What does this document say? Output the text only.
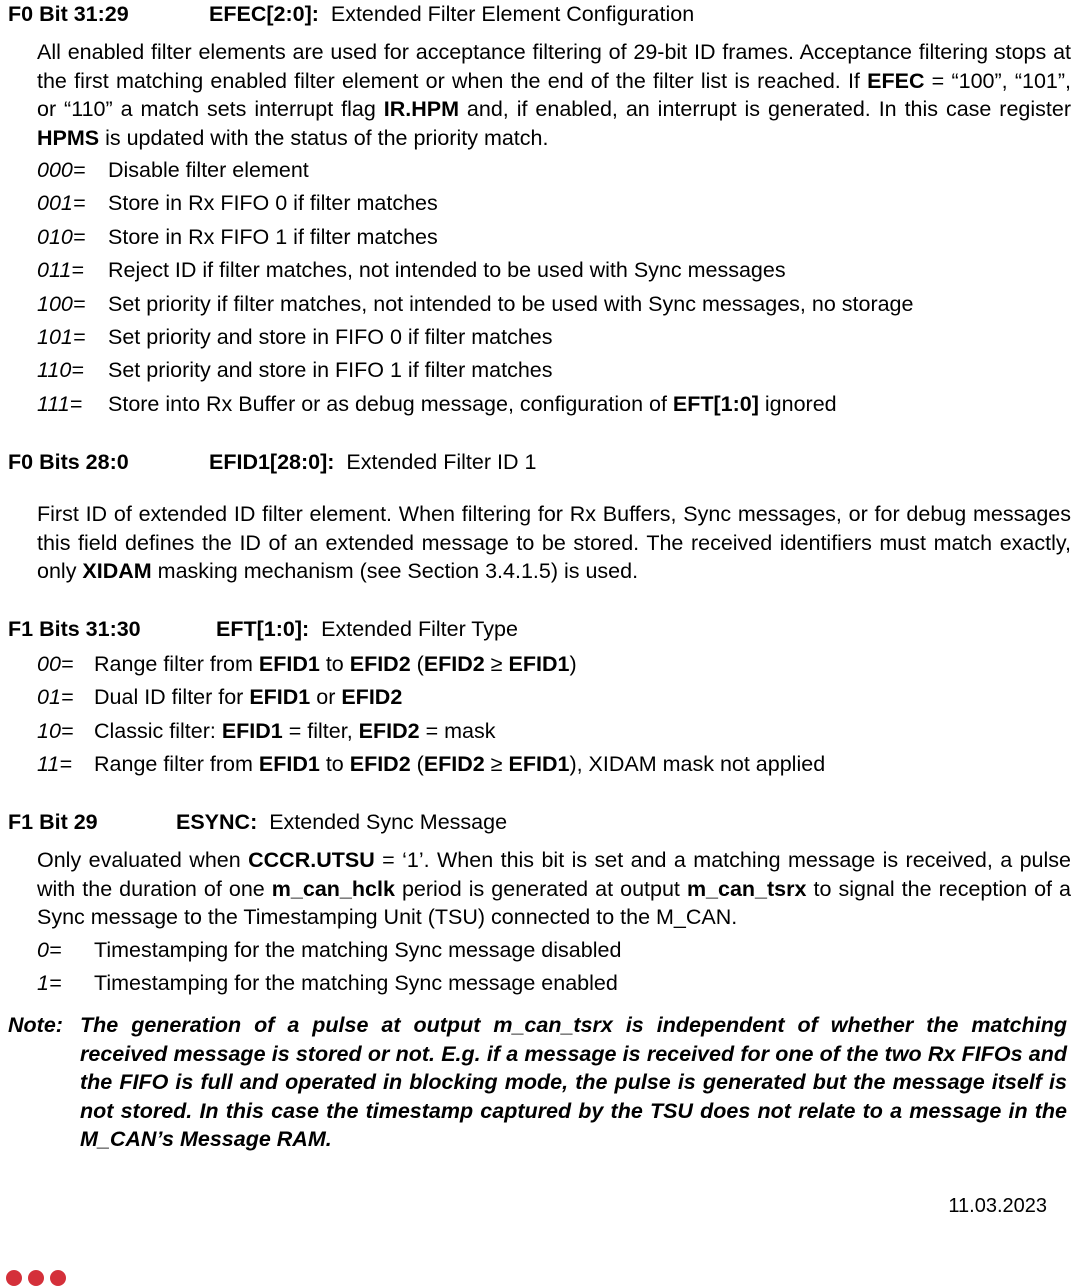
F0 Bit 31:29	EFEC[2:0]: Extended Filter Element Configuration
All enabled filter elements are used for acceptance filtering of 29-bit ID frames. Acceptance filtering stops at the first matching enabled filter element or when the end of the filter list is reached. If EFEC = “100”, “101”, or “110” a match sets interrupt flag IR.HPM and, if enabled, an interrupt is generated. In this case register HPMS is updated with the status of the priority match.
000=	Disable filter element
001=	Store in Rx FIFO 0 if filter matches
010=	Store in Rx FIFO 1 if filter matches
011=	Reject ID if filter matches, not intended to be used with Sync messages
100=	Set priority if filter matches, not intended to be used with Sync messages, no storage
101=	Set priority and store in FIFO 0 if filter matches
110=	Set priority and store in FIFO 1 if filter matches
111=	Store into Rx Buffer or as debug message, configuration of EFT[1:0] ignored
F0 Bits 28:0	EFID1[28:0]: Extended Filter ID 1
First ID of extended ID filter element. When filtering for Rx Buffers, Sync messages, or for debug messages this field defines the ID of an extended message to be stored. The received identifiers must match exactly, only XIDAM masking mechanism (see Section 3.4.1.5) is used.
F1 Bits 31:30	EFT[1:0]: Extended Filter Type
00= Range filter from EFID1 to EFID2 (EFID2 ≥ EFID1)
01= Dual ID filter for EFID1 or EFID2
10= Classic filter: EFID1 = filter, EFID2 = mask
11=	Range filter from EFID1 to EFID2 (EFID2 ≥ EFID1), XIDAM mask not applied
F1 Bit 29	ESYNC: Extended Sync Message
Only evaluated when CCCR.UTSU = ‘1’. When this bit is set and a matching message is received, a pulse with the duration of one m_can_hclk period is generated at output m_can_tsrx to signal the reception of a Sync message to the Timestamping Unit (TSU) connected to the M_CAN.
0=	Timestamping for the matching Sync message disabled
1=	Timestamping for the matching Sync message enabled
Note: The generation of a pulse at output m_can_tsrx is independent of whether the matching received message is stored or not. E.g. if a message is received for one of the two Rx FIFOs and the FIFO is full and operated in blocking mode, the pulse is generated but the message itself is not stored. In this case the timestamp captured by the TSU does not relate to a message in the M_CAN’s Message RAM.
11.03.2023
